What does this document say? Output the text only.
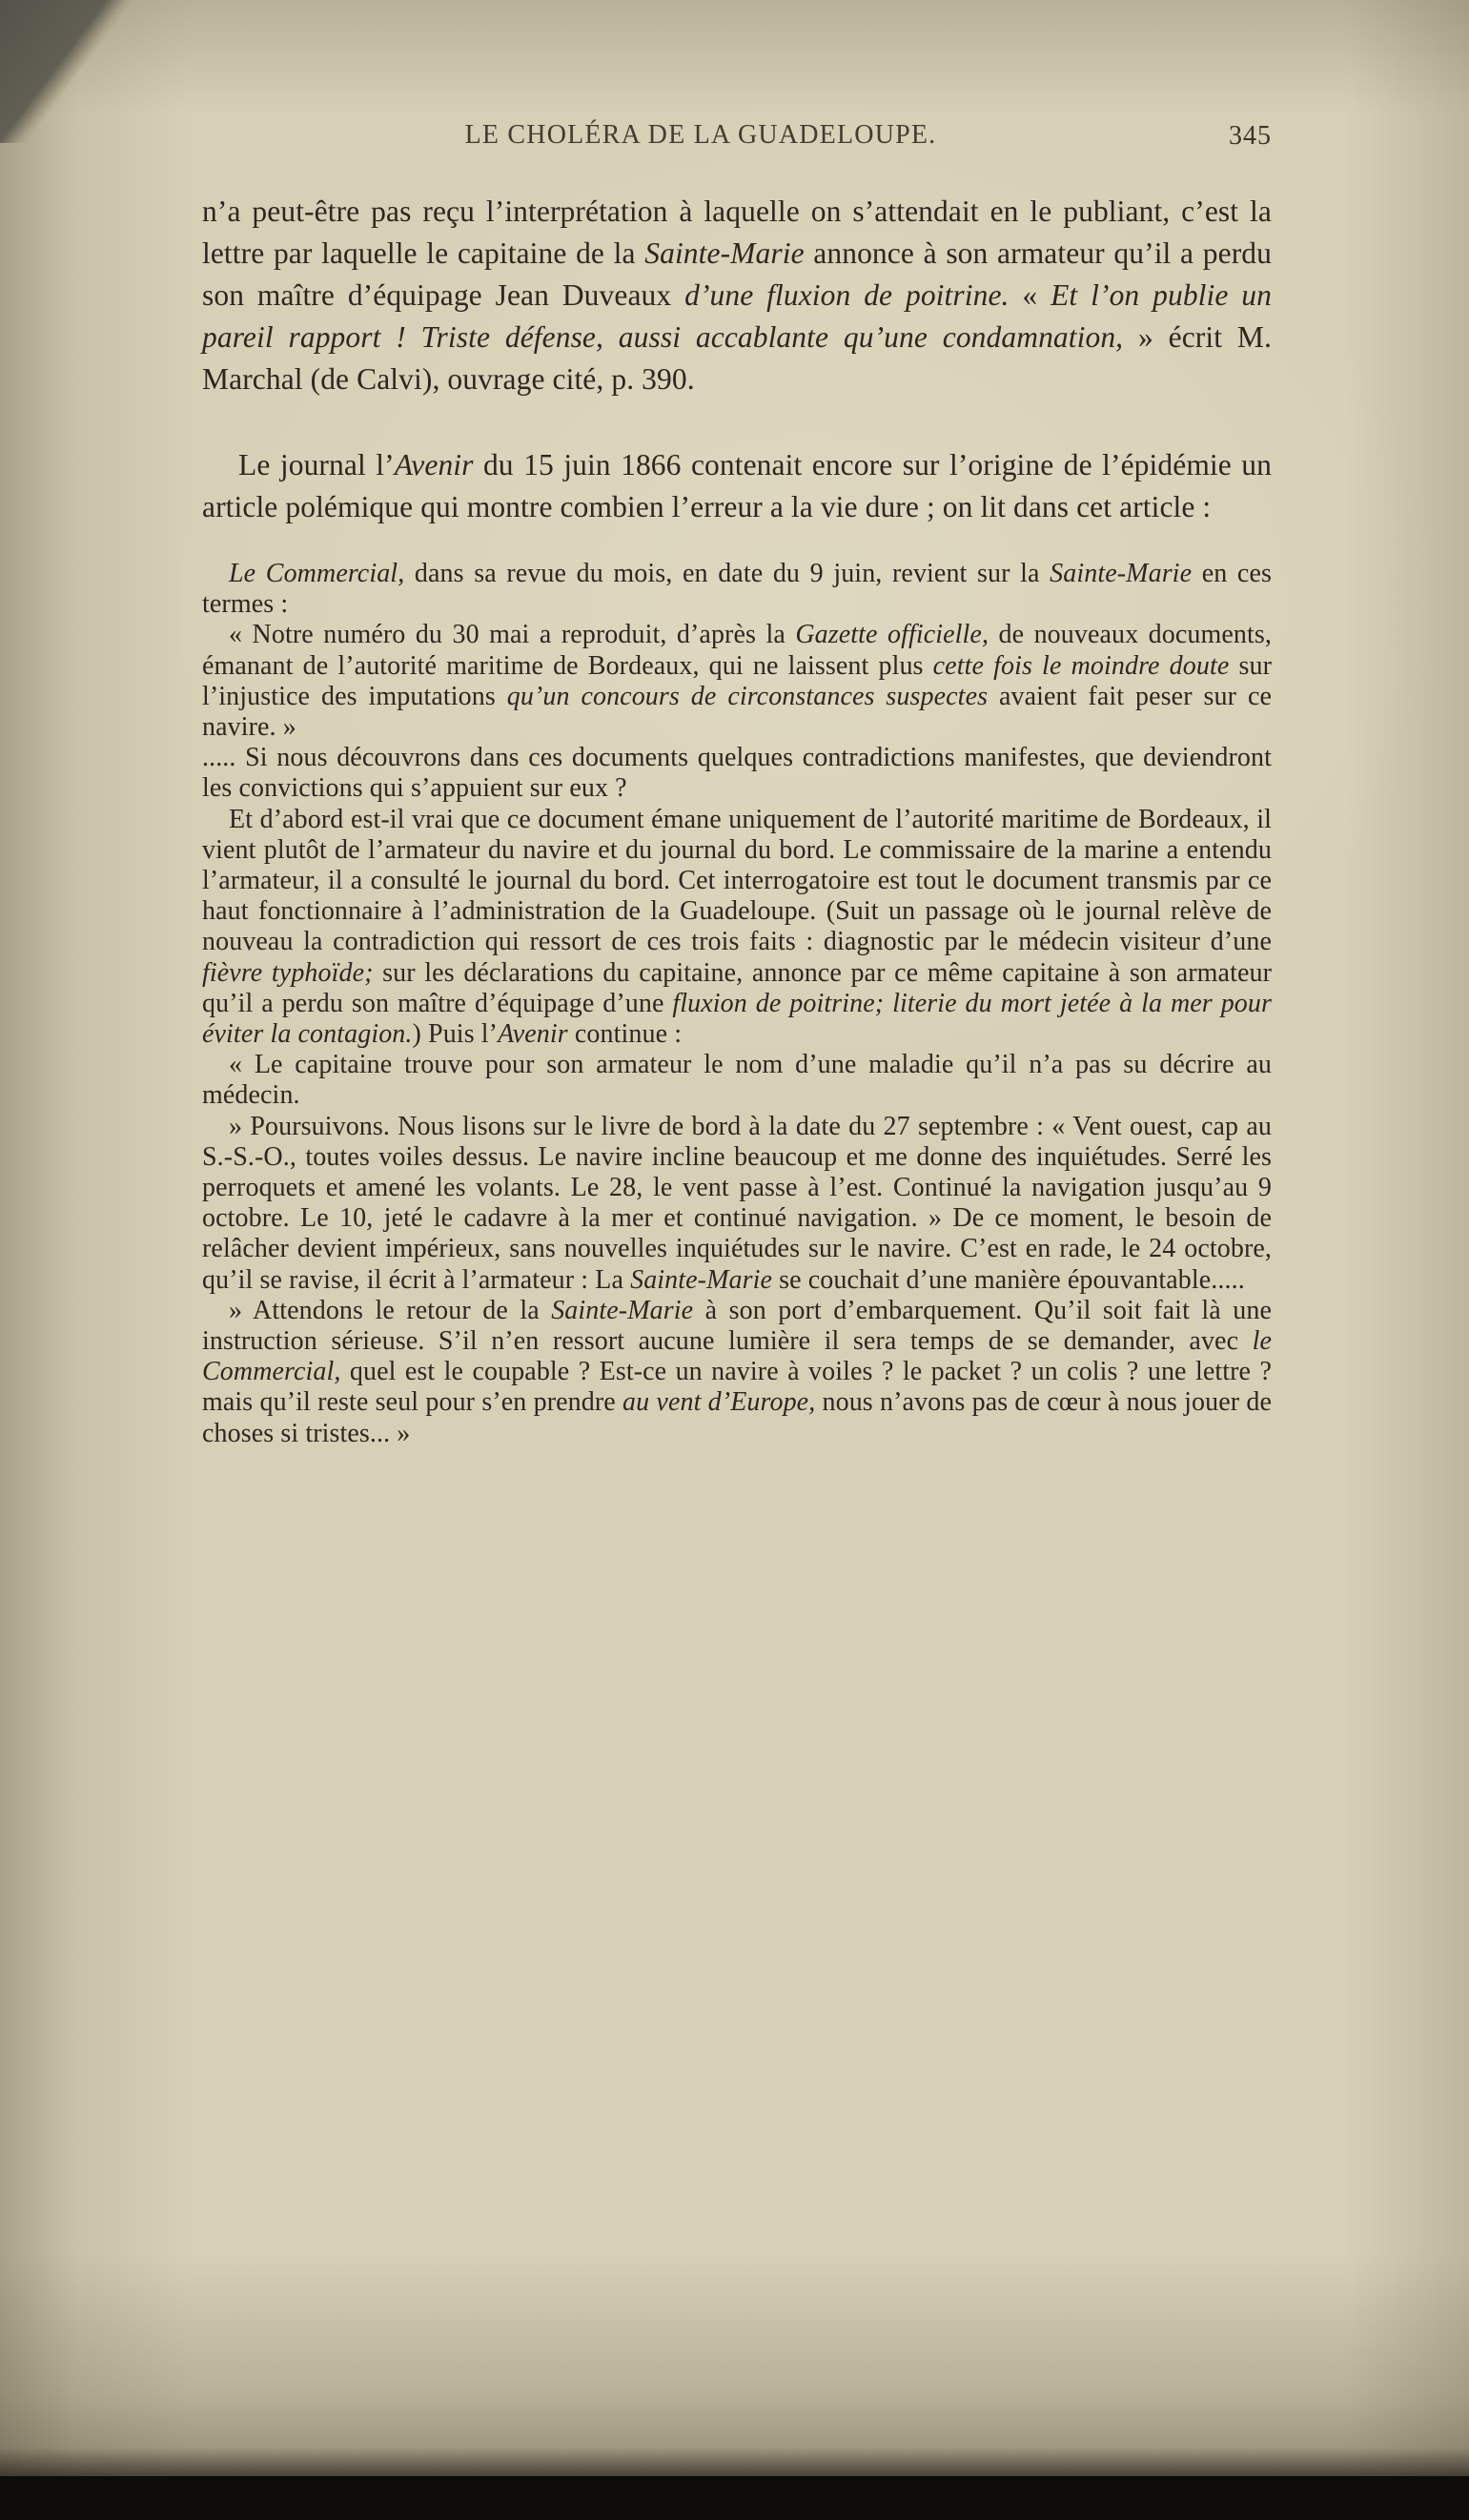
LE CHOLÉRA DE LA GUADELOUPE.	345

n’a peut-être pas reçu l’interprétation à laquelle on s’attendait en le publiant, c’est la lettre par laquelle le capitaine de la Sainte-Marie annonce à son armateur qu’il a perdu son maître d’équipage Jean Duveaux d’une fluxion de poitrine. « Et l’on publie un pareil rapport ! Triste défense, aussi accablante qu’une condamnation, » écrit M. Marchal (de Calvi), ouvrage cité, p. 390.

Le journal l’Avenir du 15 juin 1866 contenait encore sur l’origine de l’épidémie un article polémique qui montre combien l’erreur a la vie dure ; on lit dans cet article :

Le Commercial, dans sa revue du mois, en date du 9 juin, revient sur la Sainte-Marie en ces termes :

« Notre numéro du 30 mai a reproduit, d’après la Gazette officielle, de nouveaux documents, émanant de l’autorité maritime de Bordeaux, qui ne laissent plus cette fois le moindre doute sur l’injustice des imputations qu’un concours de circonstances suspectes avaient fait peser sur ce navire. »

..... Si nous découvrons dans ces documents quelques contradictions manifestes, que deviendront les convictions qui s’appuient sur eux ?

Et d’abord est-il vrai que ce document émane uniquement de l’autorité maritime de Bordeaux, il vient plutôt de l’armateur du navire et du journal du bord. Le commissaire de la marine a entendu l’armateur, il a consulté le journal du bord. Cet interrogatoire est tout le document transmis par ce haut fonctionnaire à l’administration de la Guadeloupe. (Suit un passage où le journal relève de nouveau la contradiction qui ressort de ces trois faits : diagnostic par le médecin visiteur d’une fièvre typhoïde; sur les déclarations du capitaine, annonce par ce même capitaine à son armateur qu’il a perdu son maître d’équipage d’une fluxion de poitrine; literie du mort jetée à la mer pour éviter la contagion.) Puis l’Avenir continue :

« Le capitaine trouve pour son armateur le nom d’une maladie qu’il n’a pas su décrire au médecin.

» Poursuivons. Nous lisons sur le livre de bord à la date du 27 septembre : « Vent ouest, cap au S.-S.-O., toutes voiles dessus. Le navire incline beaucoup et me donne des inquiétudes. Serré les perroquets et amené les volants. Le 28, le vent passe à l’est. Continué la navigation jusqu’au 9 octobre. Le 10, jeté le cadavre à la mer et continué navigation. » De ce moment, le besoin de relâcher devient impérieux, sans nouvelles inquiétudes sur le navire. C’est en rade, le 24 octobre, qu’il se ravise, il écrit à l’armateur : La Sainte-Marie se couchait d’une manière épouvantable.....

» Attendons le retour de la Sainte-Marie à son port d’embarquement. Qu’il soit fait là une instruction sérieuse. S’il n’en ressort aucune lumière il sera temps de se demander, avec le Commercial, quel est le coupable ? Est-ce un navire à voiles ? le packet ? un colis ? une lettre ? mais qu’il reste seul pour s’en prendre au vent d’Europe, nous n’avons pas de cœur à nous jouer de choses si tristes... »
